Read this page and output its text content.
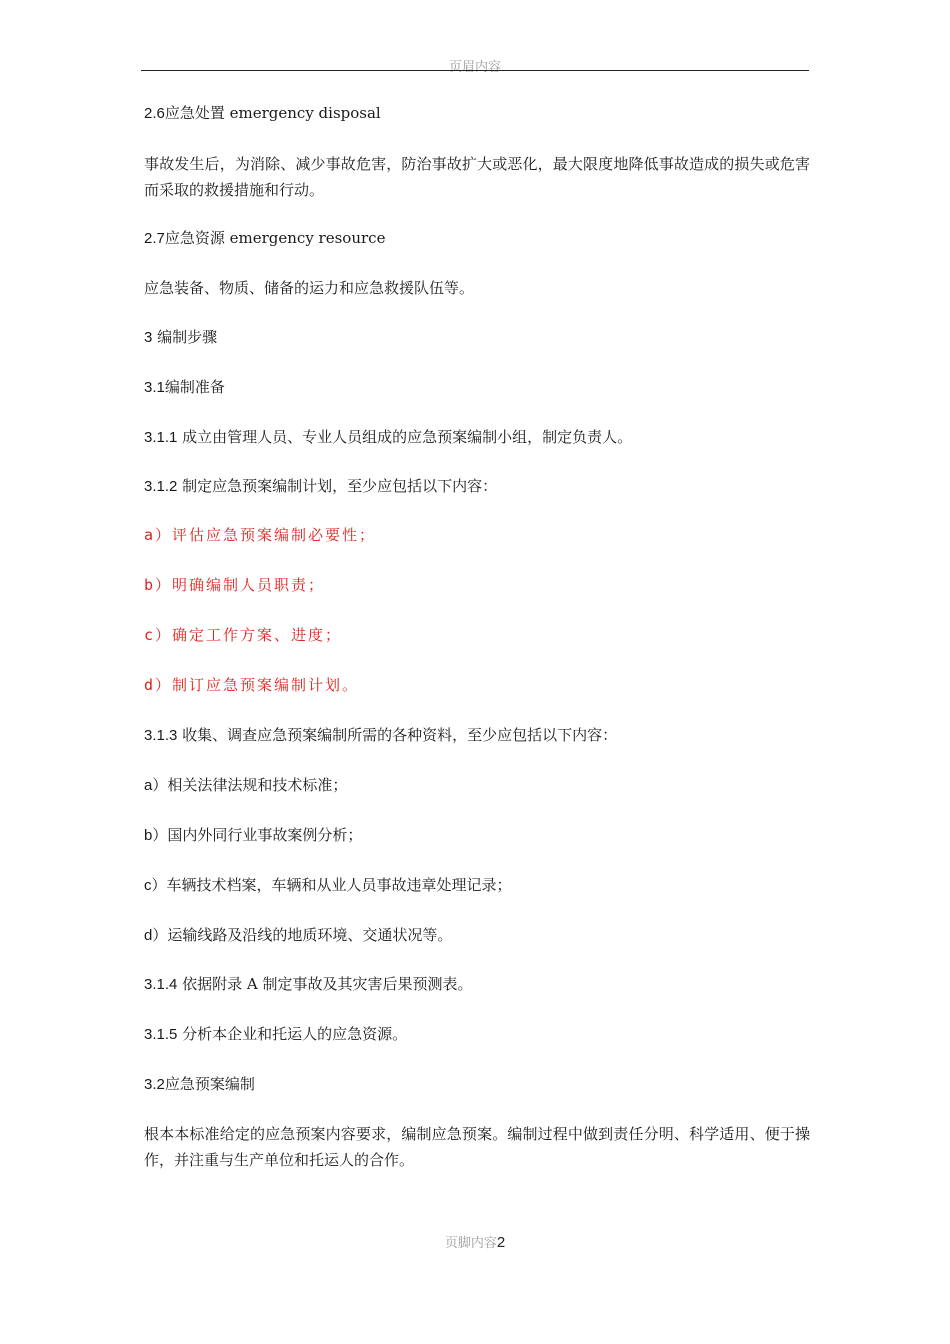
页眉内容
2.6应急处置 emergency disposal
事故发生后，为消除、减少事故危害，防治事故扩大或恶化，最大限度地降低事故造成的损失或危害而采取的救援措施和行动。
2.7应急资源 emergency resource
应急装备、物质、储备的运力和应急救援队伍等。
3 编制步骤
3.1编制准备
3.1.1 成立由管理人员、专业人员组成的应急预案编制小组，制定负责人。
3.1.2 制定应急预案编制计划，至少应包括以下内容：
a）评估应急预案编制必要性；
b）明确编制人员职责；
c）确定工作方案、进度；
d）制订应急预案编制计划。
3.1.3 收集、调查应急预案编制所需的各种资料，至少应包括以下内容：
a）相关法律法规和技术标准；
b）国内外同行业事故案例分析；
c）车辆技术档案，车辆和从业人员事故违章处理记录；
d）运输线路及沿线的地质环境、交通状况等。
3.1.4 依据附录 A 制定事故及其灾害后果预测表。
3.1.5 分析本企业和托运人的应急资源。
3.2应急预案编制
根本本标准给定的应急预案内容要求，编制应急预案。编制过程中做到责任分明、科学适用、便于操作，并注重与生产单位和托运人的合作。
页脚内容2
